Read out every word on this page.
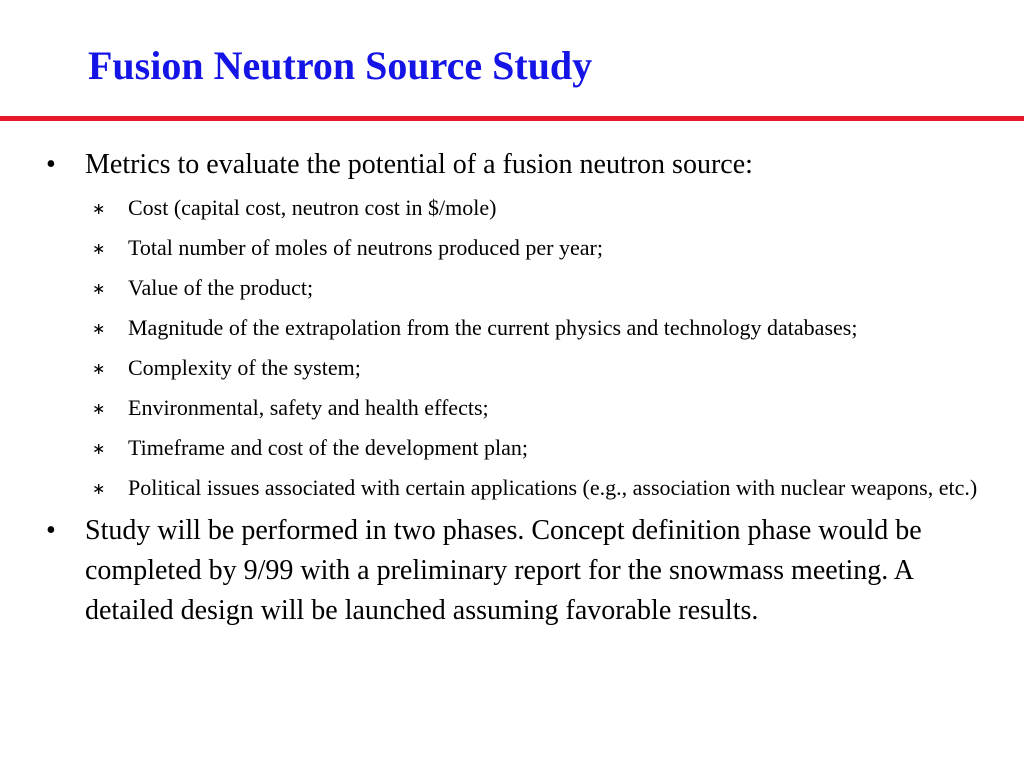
Fusion Neutron Source Study
•	Metrics to evaluate the potential of a fusion neutron source:
∗	Cost (capital cost, neutron cost in $/mole)
∗	Total number of moles of neutrons produced per year;
∗	Value of the product;
∗	Magnitude of the extrapolation from the current physics and technology databases;
∗	Complexity of the system;
∗	Environmental, safety and health effects;
∗	Timeframe and cost of the development plan;
∗	Political issues associated with certain applications (e.g., association with nuclear weapons, etc.)
•	Study will be performed in two phases. Concept definition phase would be completed by 9/99 with a preliminary report for the snowmass meeting. A detailed design will be launched assuming favorable results.
